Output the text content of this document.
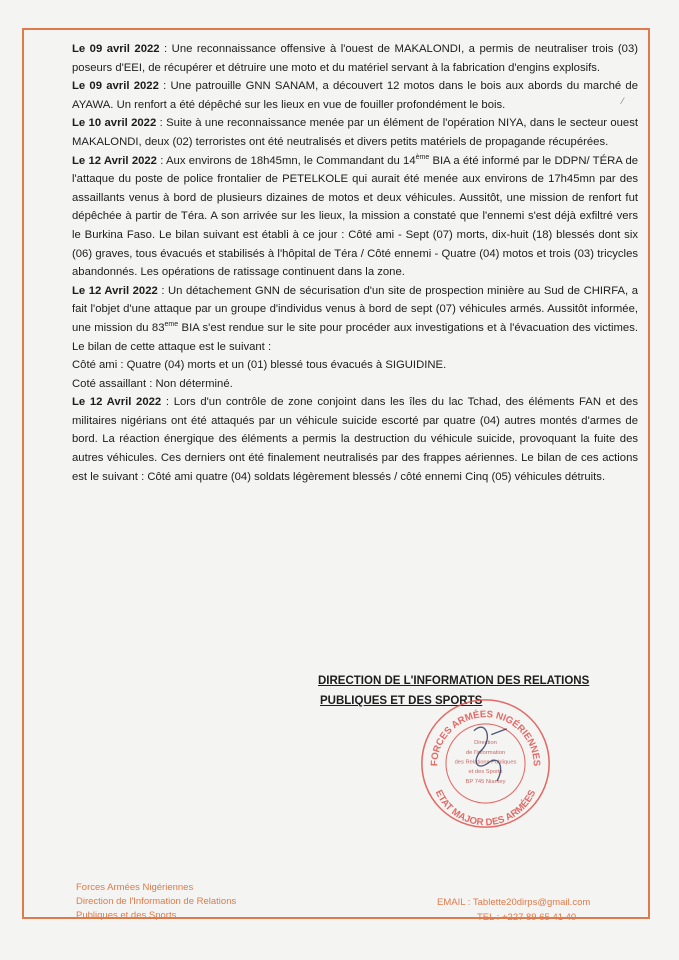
⁄

Le 09 avril 2022 : Une reconnaissance offensive à l'ouest de MAKALONDI, a permis de neutraliser trois (03) poseurs d'EEI, de récupérer et détruire une moto et du matériel servant à la fabrication d'engins explosifs.

Le 09 avril 2022 : Une patrouille GNN SANAM, a découvert 12 motos dans le bois aux abords du marché de AYAWA. Un renfort a été dépêché sur les lieux en vue de fouiller profondément le bois.

Le 10 avril 2022 : Suite à une reconnaissance menée par un élément de l'opération NIYA, dans le secteur ouest MAKALONDI, deux (02) terroristes ont été neutralisés et divers petits matériels de propagande récupérées.

Le 12 Avril 2022 : Aux environs de 18h45mn, le Commandant du 14ème BIA a été informé par le DDPN/ TÉRA de l'attaque du poste de police frontalier de PETELKOLE qui aurait été menée aux environs de 17h45mn par des assaillants venus à bord de plusieurs dizaines de motos et deux véhicules. Aussitôt, une mission de renfort fut dépêchée à partir de Téra. A son arrivée sur les lieux, la mission a constaté que l'ennemi s'est déjà exfiltré vers le Burkina Faso. Le bilan suivant est établi à ce jour : Côté ami - Sept (07) morts, dix-huit (18) blessés dont six (06) graves, tous évacués et stabilisés à l'hôpital de Téra / Côté ennemi - Quatre (04) motos et trois (03) tricycles abandonnés. Les opérations de ratissage continuent dans la zone.

Le 12 Avril 2022 : Un détachement GNN de sécurisation d'un site de prospection minière au Sud de CHIRFA, a fait l'objet d'une attaque par un groupe d'individus venus à bord de sept (07) véhicules armés. Aussitôt informée, une mission du 83eme BIA s'est rendue sur le site pour procéder aux investigations et à l'évacuation des victimes. Le bilan de cette attaque est le suivant :

Côté ami : Quatre (04) morts et un (01) blessé tous évacués à SIGUIDINE.

Coté assaillant : Non déterminé.

Le 12 Avril 2022 : Lors d'un contrôle de zone conjoint dans les îles du lac Tchad, des éléments FAN et des militaires nigérians ont été attaqués par un véhicule suicide escorté par quatre (04) autres montés d'armes de bord. La réaction énergique des éléments a permis la destruction du véhicule suicide, provoquant la fuite des autres véhicules. Ces derniers ont été finalement neutralisés par des frappes aériennes. Le bilan de ces actions est le suivant : Côté ami quatre (04) soldats légèrement blessés / côté ennemi Cinq (05) véhicules détruits.

DIRECTION DE L'INFORMATION DES RELATIONS
PUBLIQUES ET DES SPORTS
FORCES ARMÉES NIGÉRIENNES
ETAT MAJOR DES ARMÉES
Direction
de l'Information
des Relations Publiques
et des Sports
BP 745 Niamey
Forces Armées Nigériennes
Direction de l'Information de Relations
Publiques et des Sports
EMAIL : Tablette20dirps@gmail.com
TEL : +227 89 65 41 40
